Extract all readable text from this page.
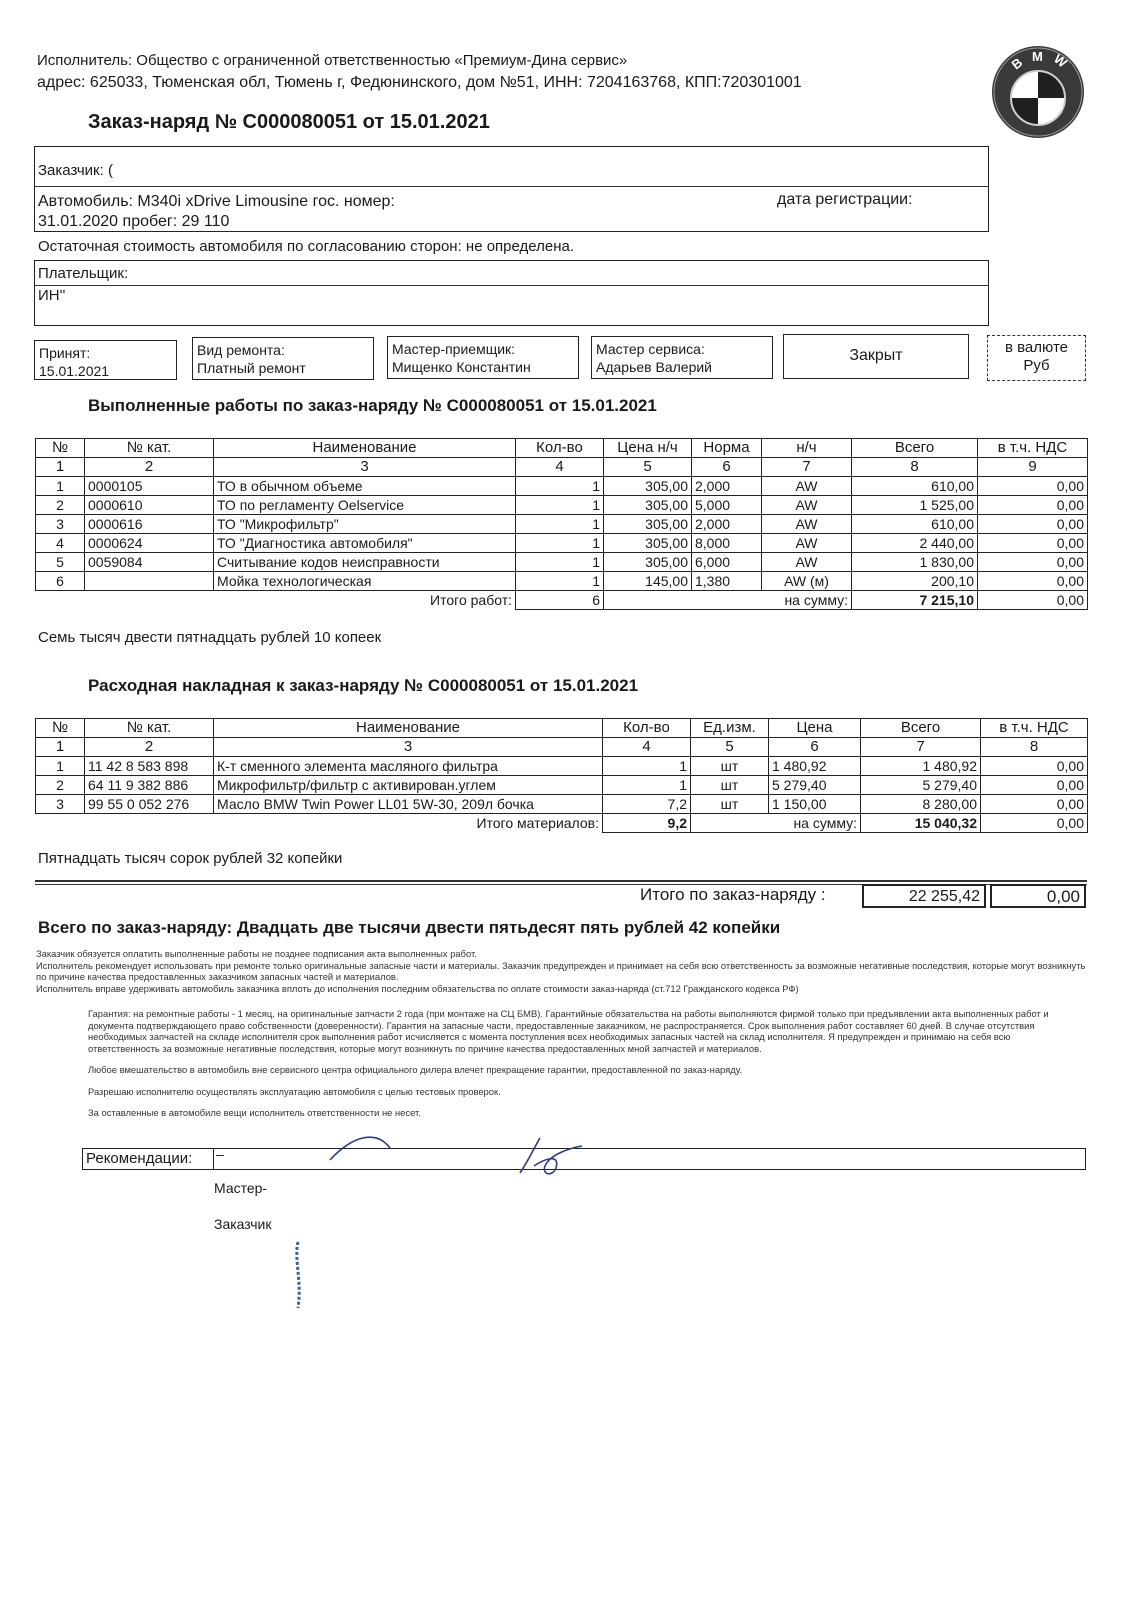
Исполнитель: Общество с ограниченной ответственностью «Премиум-Дина сервис»
адрес: 625033, Тюменская обл, Тюмень г, Федюнинского, дом №51, ИНН: 7204163768, КПП:720301001
Заказ-наряд № С000080051 от 15.01.2021
B M W
Заказчик: (
Автомобиль: M340i xDrive Limousine гос. номер:	дата регистрации:
31.01.2020 пробег: 29 110
Остаточная стоимость автомобиля по согласованию сторон: не определена.
Плательщик:
ИН''
Принят:
15.01.2021
Вид ремонта:
Платный ремонт
Мастер-приемщик:
Мищенко Константин
Мастер сервиса:
Адарьев Валерий
Закрыт	в валюте
Руб
Выполненные работы по заказ-наряду № С000080051 от 15.01.2021
№	№ кат.	Наименование	Кол-во	Цена н/ч	Норма	н/ч	Всего	в т.ч. НДС
1	2	3	4	5	6	7	8	9
1	0000105	ТО в обычном объеме	1	305,00	2,000	AW	610,00	0,00
2	0000610	ТО по регламенту Oelservice	1	305,00	5,000	AW	1 525,00	0,00
3	0000616	ТО "Микрофильтр"	1	305,00	2,000	AW	610,00	0,00
4	0000624	ТО "Диагностика автомобиля"	1	305,00	8,000	AW	2 440,00	0,00
5	0059084	Считывание кодов неисправности	1	305,00	6,000	AW	1 830,00	0,00
6		Мойка технологическая	1	145,00	1,380	AW (м)	200,10	0,00
		Итого работ:	6	на сумму:			7 215,10	0,00
Семь тысяч двести пятнадцать рублей 10 копеек
Расходная накладная к заказ-наряду № С000080051 от 15.01.2021
№	№ кат.	Наименование	Кол-во	Ед.изм.	Цена	Всего	в т.ч. НДС
1	2	3	4	5	6	7	8
1	11 42 8 583 898	К-т сменного элемента масляного фильтра	1	шт	1 480,92	1 480,92	0,00
2	64 11 9 382 886	Микрофильтр/фильтр с активирован.углем	1	шт	5 279,40	5 279,40	0,00
3	99 55 0 052 276	Масло BMW Twin Power LL01 5W-30, 209л бочка	7,2	шт	1 150,00	8 280,00	0,00
		Итого материалов:	9,2	на сумму:		15 040,32	0,00
Пятнадцать тысяч сорок рублей 32 копейки
Итого по заказ-наряду :	22 255,42	0,00
Всего по заказ-наряду: Двадцать две тысячи двести пятьдесят пять рублей 42 копейки
Заказчик обязуется оплатить выполненные работы не позднее подписания акта выполненных работ.
Исполнитель рекомендует использовать при ремонте только оригинальные запасные части и материалы. Заказчик предупрежден и принимает на себя всю ответственность за возможные негативные последствия, которые могут возникнуть по причине качества предоставленных заказчиком запасных частей и материалов.
Исполнитель вправе удерживать автомобиль заказчика вплоть до исполнения последним обязательства по оплате стоимости заказ-наряда (ст.712 Гражданского кодекса РФ)
Гарантия: на ремонтные работы - 1 месяц, на оригинальные запчасти 2 года (при монтаже на СЦ БМВ). Гарантийные обязательства на работы выполняются фирмой только при предъявлении акта выполненных работ и документа подтверждающего право собственности (доверенности). Гарантия на запасные части, предоставленные заказчиком, не распространяется. Срок выполнения работ составляет 60 дней. В случае отсутствия необходимых запчастей на складе исполнителя срок выполнения работ исчисляется с момента поступления всех необходимых запасных частей на склад исполнителя. Я предупрежден и принимаю на себя всю ответственность за возможные негативные последствия, которые могут возникнуть по причине качества предоставленных мной запчастей и материалов.
Любое вмешательство в автомобиль вне сервисного центра официального дилера влечет прекращение гарантии, предоставленной по заказ-наряду.
Разрешаю исполнителю осуществлять эксплуатацию автомобиля с целью тестовых проверок.
За оставленные в автомобиле вещи исполнитель ответственности не несет.
Рекомендации: –
Мастер-
Заказчик
